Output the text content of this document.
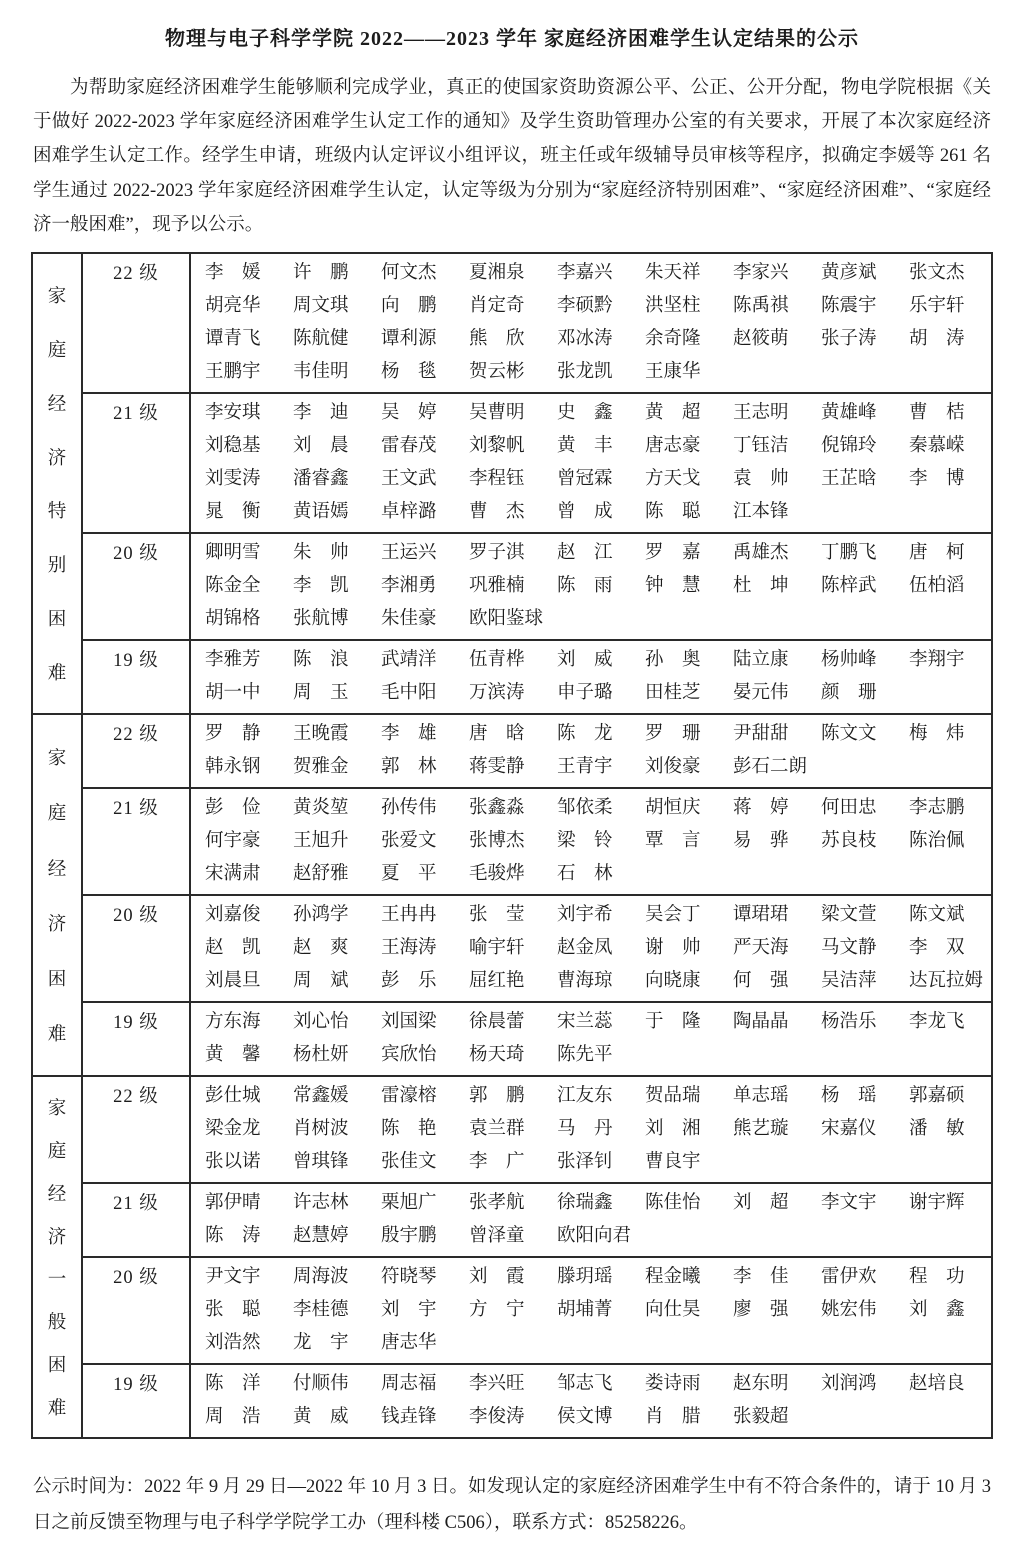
物理与电子科学学院 2022——2023 学年 家庭经济困难学生认定结果的公示
为帮助家庭经济困难学生能够顺利完成学业，真正的使国家资助资源公平、公正、公开分配，物电学院根据《关于做好 2022-2023 学年家庭经济困难学生认定工作的通知》及学生资助管理办公室的有关要求，开展了本次家庭经济困难学生认定工作。经学生申请，班级内认定评议小组评议，班主任或年级辅导员审核等程序，拟确定李媛等 261 名学生通过 2022-2023 学年家庭经济困难学生认定，认定等级为分别为“家庭经济特别困难”、“家庭经济困难”、“家庭经济一般困难”，现予以公示。
家
庭
经
济
特
别
困
难
	22 级	李　媛 许　鹏 何文杰 夏湘泉 李嘉兴 朱天祥 李家兴 黄彦斌 张文杰
胡亮华 周文琪 向　鹏 肖定奇 李硕黔 洪坚柱 陈禹祺 陈震宇 乐宇轩
谭青飞 陈航健 谭利源 熊　欣 邓冰涛 余奇隆 赵筱萌 张子涛 胡　涛
王鹏宇 韦佳明 杨　毯 贺云彬 张龙凯 王康华

	21 级	李安琪 李　迪 吴　婷 吴曹明 史　鑫 黄　超 王志明 黄雄峰 曹　桔
刘稳基 刘　晨 雷春茂 刘黎帆 黄　丰 唐志豪 丁钰洁 倪锦玲 秦慕嵘
刘雯涛 潘睿鑫 王文武 李程钰 曾冠霖 方天戈 袁　帅 王芷晗 李　博
晁　衡 黄语嫣 卓梓潞 曹　杰 曾　成 陈　聪 江本锋

	20 级	卿明雪 朱　帅 王运兴 罗子淇 赵　江 罗　嘉 禹雄杰 丁鹏飞 唐　柯
陈金全 李　凯 李湘勇 巩雅楠 陈　雨 钟　慧 杜　坤 陈梓武 伍柏滔
胡锦格 张航博 朱佳豪 欧阳鉴球

	19 级	李雅芳 陈　浪 武靖洋 伍青桦 刘　威 孙　奥 陆立康 杨帅峰 李翔宇
胡一中 周　玉 毛中阳 万滨涛 申子璐 田桂芝 晏元伟 颜　珊

家
庭
经
济
困
难
	22 级	罗　静 王晚霞 李　雄 唐　晗 陈　龙 罗　珊 尹甜甜 陈文文 梅　炜
韩永钢 贺雅金 郭　林 蒋雯静 王青宇 刘俊豪 彭石二朗

	21 级	彭　俭 黄炎堃 孙传伟 张鑫淼 邹依柔 胡恒庆 蒋　婷 何田忠 李志鹏
何宇豪 王旭升 张爱文 张博杰 梁　铃 覃　言 易　骅 苏良枝 陈治佩
宋满肃 赵舒雅 夏　平 毛骏烨 石　林

	20 级	刘嘉俊 孙鸿学 王冉冉 张　莹 刘宇希 吴会丁 谭珺珺 梁文萱 陈文斌
赵　凯 赵　爽 王海涛 喻宇轩 赵金凤 谢　帅 严天海 马文静 李　双
刘晨旦 周　斌 彭　乐 屈红艳 曹海琼 向晓康 何　强 吴洁萍 达瓦拉姆

	19 级	方东海 刘心怡 刘国梁 徐晨蕾 宋兰蕊 于　隆 陶晶晶 杨浩乐 李龙飞
黄　馨 杨杜妍 宾欣怡 杨天琦 陈先平

家
庭
经
济
一
般
困
难
	22 级	彭仕城 常鑫媛 雷濠榕 郭　鹏 江友东 贺品瑞 单志瑶 杨　瑶 郭嘉硕
梁金龙 肖树波 陈　艳 袁兰群 马　丹 刘　湘 熊艺璇 宋嘉仪 潘　敏
张以诺 曾琪锋 张佳文 李　广 张泽钊 曹良宇

	21 级	郭伊晴 许志林 栗旭广 张孝航 徐瑞鑫 陈佳怡 刘　超 李文宇 谢宇辉
陈　涛 赵慧婷 殷宇鹏 曾泽童 欧阳向君

	20 级	尹文宇 周海波 符晓琴 刘　霞 滕玥瑶 程金曦 李　佳 雷伊欢 程　功
张　聪 李桂德 刘　宇 方　宁 胡埔菁 向仕昊 廖　强 姚宏伟 刘　鑫
刘浩然 龙　宇 唐志华

	19 级	陈　洋 付顺伟 周志福 李兴旺 邹志飞 娄诗雨 赵东明 刘润鸿 赵培良
周　浩 黄　威 钱垚锋 李俊涛 侯文博 肖　腊 张毅超
公示时间为：2022 年 9 月 29 日—2022 年 10 月 3 日。如发现认定的家庭经济困难学生中有不符合条件的，请于 10 月 3 日之前反馈至物理与电子科学学院学工办（理科楼 C506），联系方式：85258226。
